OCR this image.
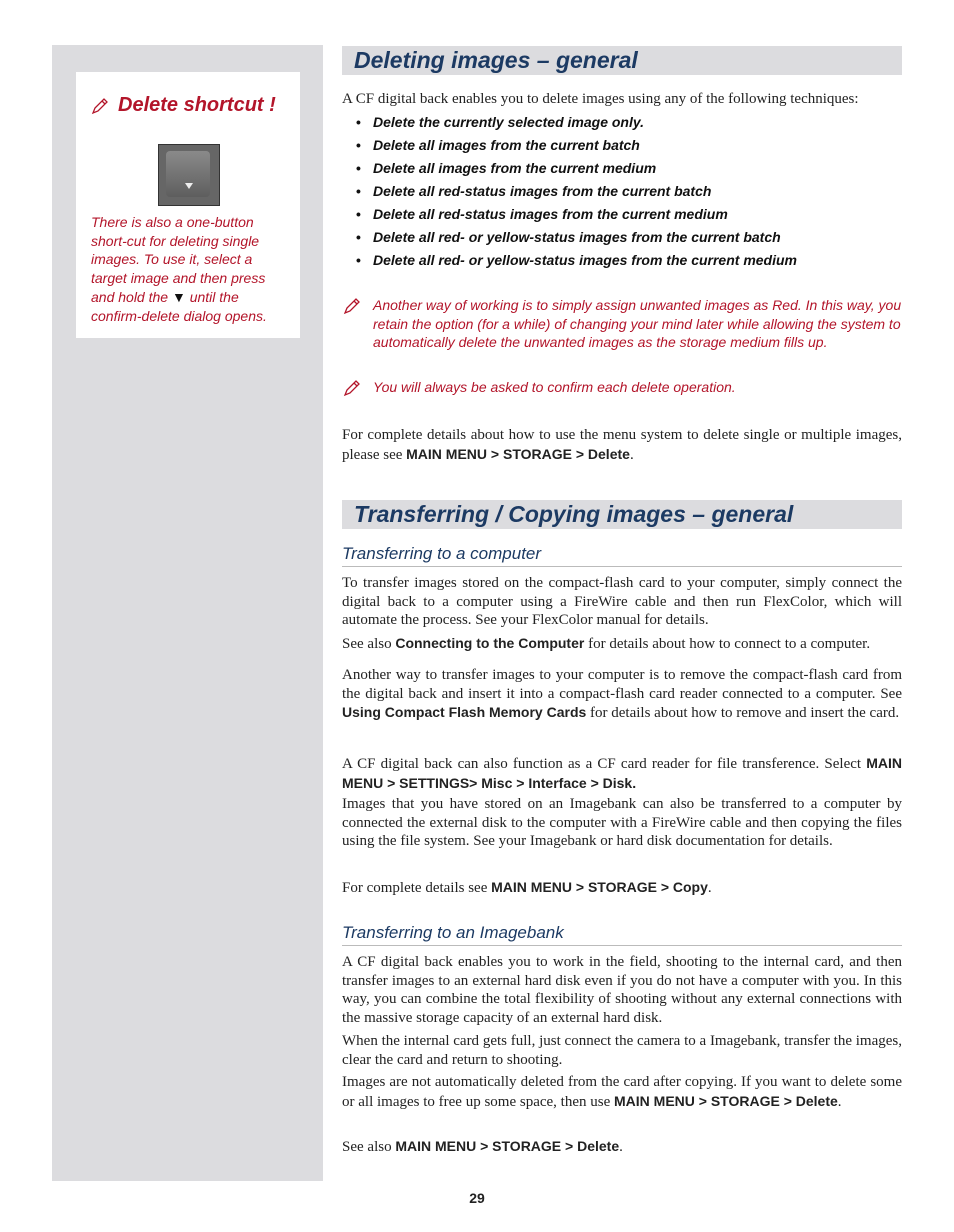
Delete shortcut !
There is also a one-button short-cut for deleting single images. To use it, select a target image and then press and hold the ▼ until the confirm-delete dialog opens.
Deleting images – general
A CF digital back enables you to delete images using any of the following techniques:
• Delete the currently selected image only.
• Delete all images from the current batch
• Delete all images from the current medium
• Delete all red-status images from the current batch
• Delete all red-status images from the current medium
• Delete all red- or yellow-status images from the current batch
• Delete all red- or yellow-status images from the current medium
Another way of working is to simply assign unwanted images as Red. In this way, you retain the option (for a while) of changing your mind later while allowing the system to automatically delete the unwanted images as the storage medium fills up.
You will always be asked to confirm each delete operation.
For complete details about how to use the menu system to delete single or multiple images, please see MAIN MENU > STORAGE > Delete.
Transferring / Copying images – general
Transferring to a computer
To transfer images stored on the compact-flash card to your computer, simply connect the digital back to a computer using a FireWire cable and then run FlexColor, which will automate the process. See your FlexColor manual for details.
See also Connecting to the Computer for details about how to connect to a computer.
Another way to transfer images to your computer is to remove the compact-flash card from the digital back and insert it into a compact-flash card reader connected to a computer. See Using Compact Flash Memory Cards for details about how to remove and insert the card.
A CF digital back can also function as a CF card reader for file transference. Select MAIN MENU > SETTINGS> Misc > Interface > Disk.
Images that you have stored on an Imagebank can also be transferred to a computer by connected the external disk to the computer with a FireWire cable and then copying the files using the file system. See your Imagebank or hard disk documentation for details.
For complete details see MAIN MENU > STORAGE > Copy.
Transferring to an Imagebank
A CF digital back enables you to work in the field, shooting to the internal card, and then transfer images to an external hard disk even if you do not have a computer with you. In this way, you can combine the total flexibility of shooting without any external connections with the massive storage capacity of an external hard disk.
When the internal card gets full, just connect the camera to a Imagebank, transfer the images, clear the card and return to shooting.
Images are not automatically deleted from the card after copying. If you want to delete some or all images to free up some space, then use MAIN MENU > STORAGE > Delete.
See also MAIN MENU > STORAGE > Delete.
29
